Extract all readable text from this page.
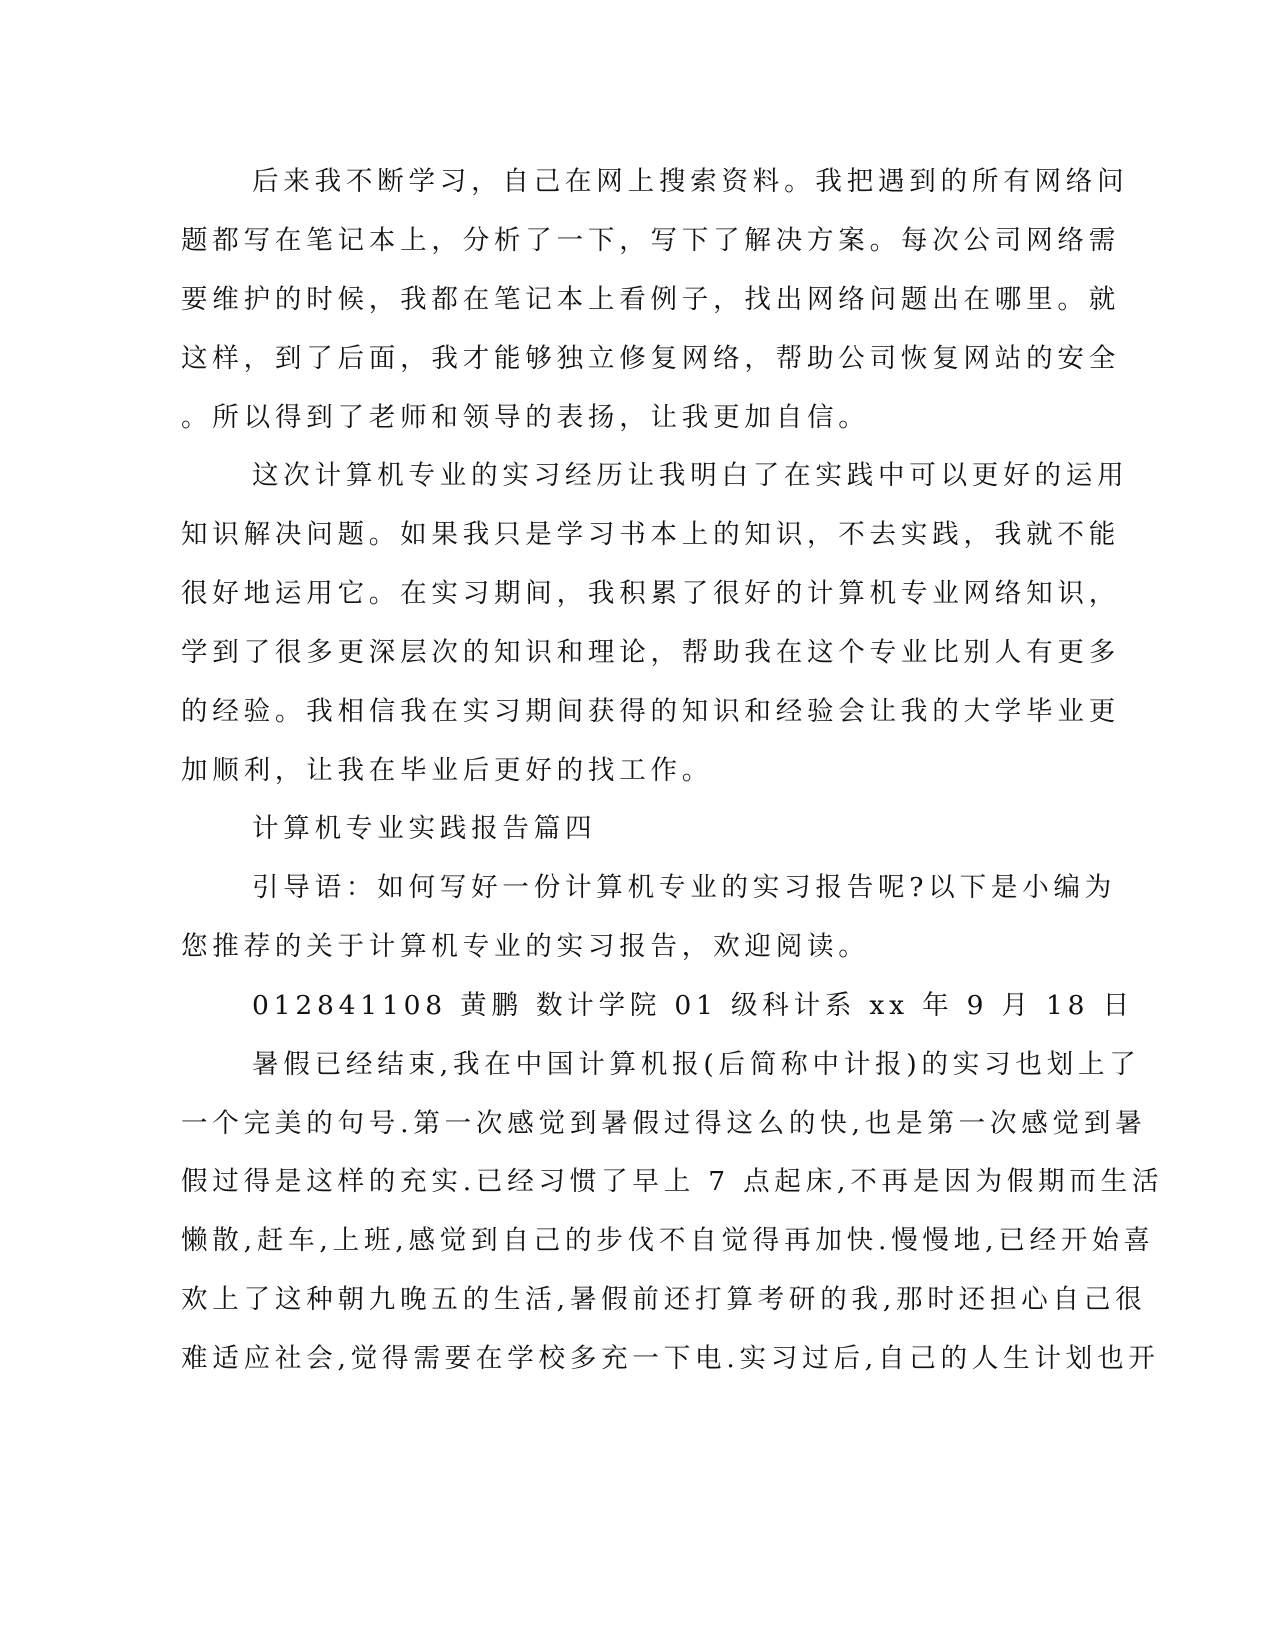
后来我不断学习，自己在网上搜索资料。我把遇到的所有网络问
题都写在笔记本上，分析了一下，写下了解决方案。每次公司网络需
要维护的时候，我都在笔记本上看例子，找出网络问题出在哪里。就
这样，到了后面，我才能够独立修复网络，帮助公司恢复网站的安全
。所以得到了老师和领导的表扬，让我更加自信。
这次计算机专业的实习经历让我明白了在实践中可以更好的运用
知识解决问题。如果我只是学习书本上的知识，不去实践，我就不能
很好地运用它。在实习期间，我积累了很好的计算机专业网络知识，
学到了很多更深层次的知识和理论，帮助我在这个专业比别人有更多
的经验。我相信我在实习期间获得的知识和经验会让我的大学毕业更
加顺利，让我在毕业后更好的找工作。
计算机专业实践报告篇四
引导语：如何写好一份计算机专业的实习报告呢?以下是小编为
您推荐的关于计算机专业的实习报告，欢迎阅读。
012841108 黄鹏 数计学院 01 级科计系 xx 年 9 月 18 日
暑假已经结束,我在中国计算机报(后简称中计报)的实习也划上了
一个完美的句号.第一次感觉到暑假过得这么的快,也是第一次感觉到暑
假过得是这样的充实.已经习惯了早上 7 点起床,不再是因为假期而生活
懒散,赶车,上班,感觉到自己的步伐不自觉得再加快.慢慢地,已经开始喜
欢上了这种朝九晚五的生活,暑假前还打算考研的我,那时还担心自己很
难适应社会,觉得需要在学校多充一下电.实习过后,自己的人生计划也开
